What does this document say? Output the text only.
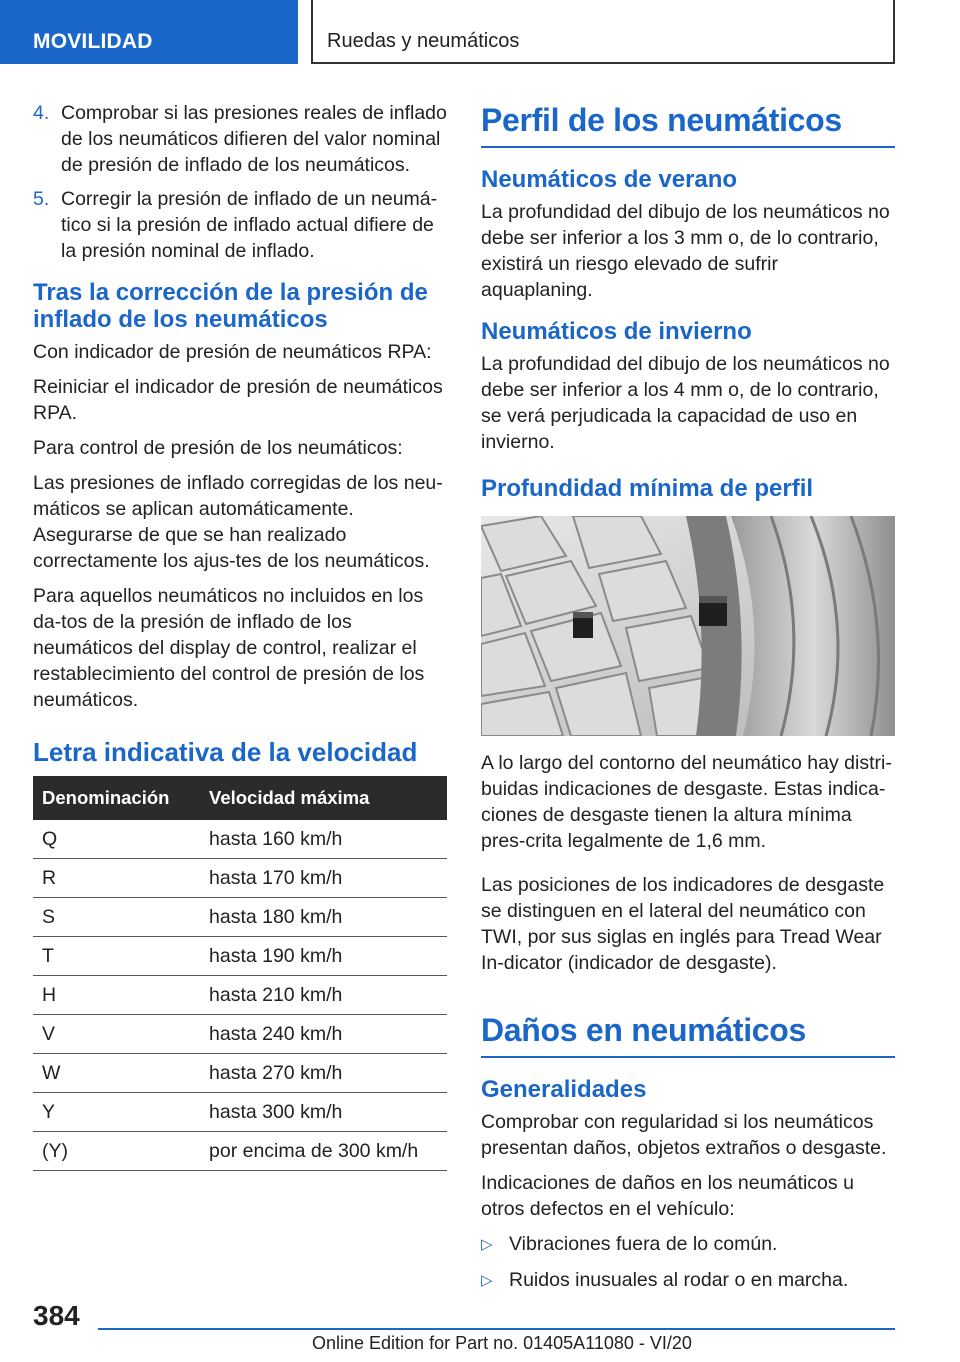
MOVILIDAD	Ruedas y neumáticos
4. Comprobar si las presiones reales de inflado de los neumáticos difieren del valor nominal de presión de inflado de los neumáticos.
5. Corregir la presión de inflado de un neumá-tico si la presión de inflado actual difiere de la presión nominal de inflado.
Tras la corrección de la presión de inflado de los neumáticos

Con indicador de presión de neumáticos RPA:

Reiniciar el indicador de presión de neumáticos RPA.

Para control de presión de los neumáticos:

Las presiones de inflado corregidas de los neu-máticos se aplican automáticamente. Asegurarse de que se han realizado correctamente los ajus-tes de los neumáticos.

Para aquellos neumáticos no incluidos en los da-tos de la presión de inflado de los neumáticos del display de control, realizar el restablecimiento del control de presión de los neumáticos.

Letra indicativa de la velocidad
Denominación	Velocidad máxima
Q	hasta 160 km/h
R	hasta 170 km/h
S	hasta 180 km/h
T	hasta 190 km/h
H	hasta 210 km/h
V	hasta 240 km/h
W	hasta 270 km/h
Y	hasta 300 km/h
(Y)	por encima de 300 km/h
Perfil de los neumáticos
Neumáticos de verano

La profundidad del dibujo de los neumáticos no debe ser inferior a los 3 mm o, de lo contrario, existirá un riesgo elevado de sufrir aquaplaning.

Neumáticos de invierno

La profundidad del dibujo de los neumáticos no debe ser inferior a los 4 mm o, de lo contrario, se verá perjudicada la capacidad de uso en invierno.

Profundidad mínima de perfil

A lo largo del contorno del neumático hay distri-buidas indicaciones de desgaste. Estas indica-ciones de desgaste tienen la altura mínima pres-crita legalmente de 1,6 mm.

Las posiciones de los indicadores de desgaste se distinguen en el lateral del neumático con TWI, por sus siglas en inglés para Tread Wear In-dicator (indicador de desgaste).

Daños en neumáticos
Generalidades

Comprobar con regularidad si los neumáticos presentan daños, objetos extraños o desgaste.

Indicaciones de daños en los neumáticos u otros defectos en el vehículo:

▷ Vibraciones fuera de lo común.
▷ Ruidos inusuales al rodar o en marcha.
384
Online Edition for Part no. 01405A11080 - VI/20
